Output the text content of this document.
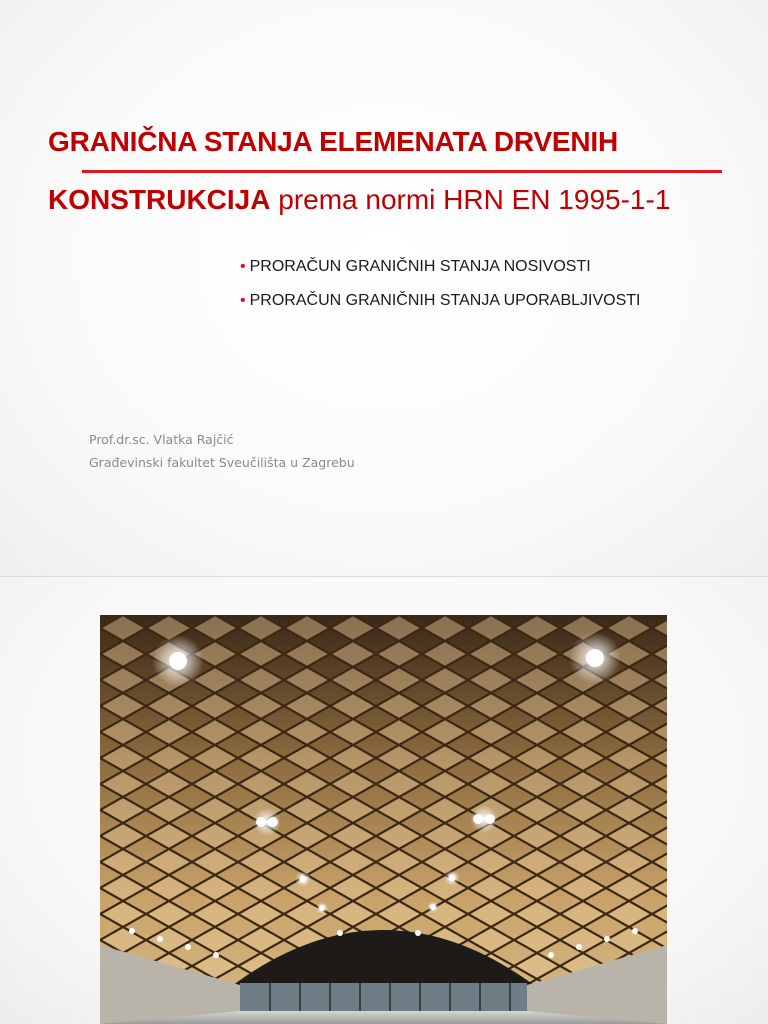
GRANIČNA STANJA ELEMENATA DRVENIH
KONSTRUKCIJA prema normi HRN EN 1995-1-1
• PRORAČUN GRANIČNIH STANJA NOSIVOSTI
• PRORAČUN GRANIČNIH STANJA UPORABLJIVOSTI
Prof.dr.sc. Vlatka Rajčić
Građevinski fakultet Sveučilišta u Zagrebu
